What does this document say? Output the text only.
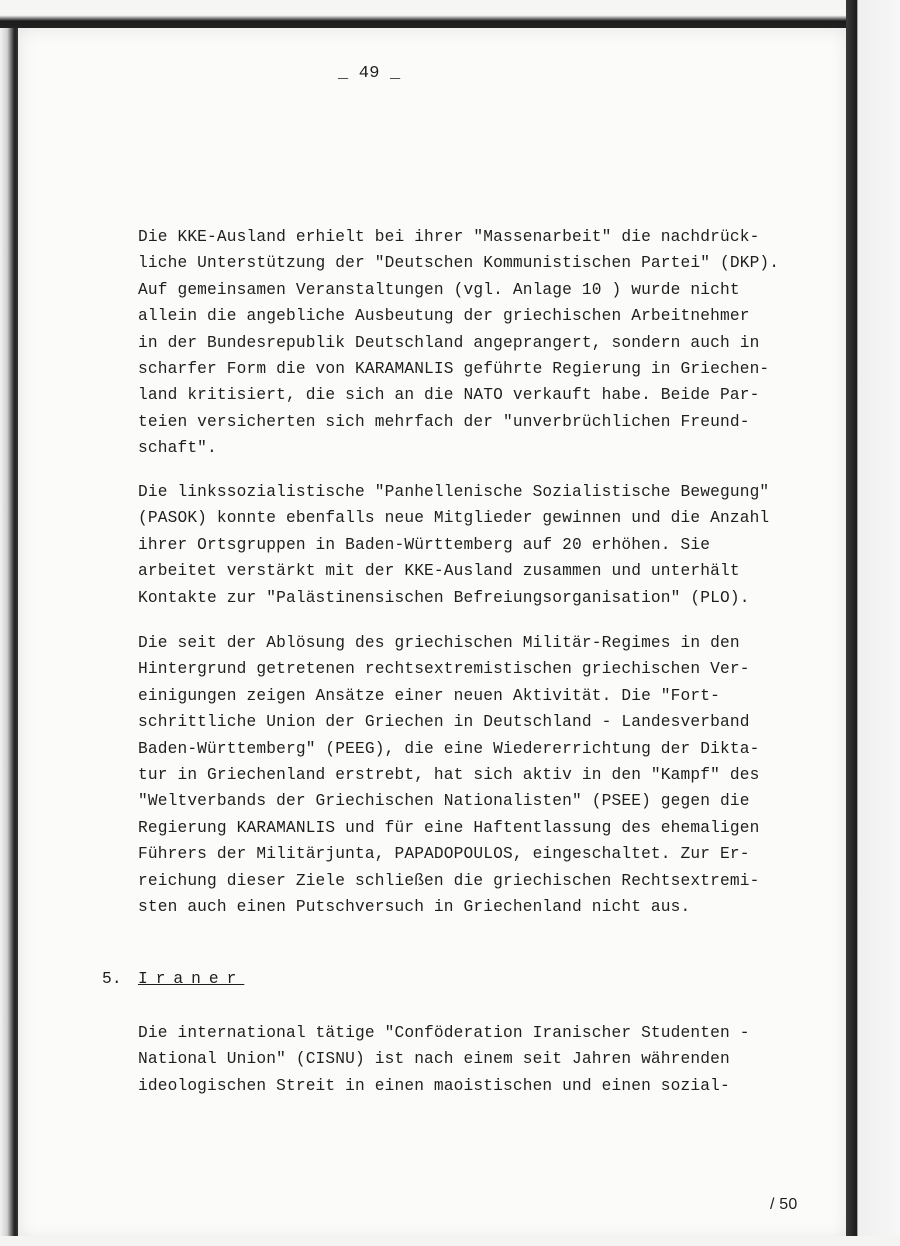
_ 49 _
Die KKE-Ausland erhielt bei ihrer "Massenarbeit" die nachdrück-
liche Unterstützung der "Deutschen Kommunistischen Partei" (DKP).
Auf gemeinsamen Veranstaltungen (vgl. Anlage 10 ) wurde nicht
allein die angebliche Ausbeutung der griechischen Arbeitnehmer
in der Bundesrepublik Deutschland angeprangert, sondern auch in
scharfer Form die von KARAMANLIS geführte Regierung in Griechen-
land kritisiert, die sich an die NATO verkauft habe. Beide Par-
teien versicherten sich mehrfach der "unverbrüchlichen Freund-
schaft".
Die linkssozialistische "Panhellenische Sozialistische Bewegung"
(PASOK) konnte ebenfalls neue Mitglieder gewinnen und die Anzahl
ihrer Ortsgruppen in Baden-Württemberg auf 20 erhöhen. Sie
arbeitet verstärkt mit der KKE-Ausland zusammen und unterhält
Kontakte zur "Palästinensischen Befreiungsorganisation" (PLO).
Die seit der Ablösung des griechischen Militär-Regimes in den
Hintergrund getretenen rechtsextremistischen griechischen Ver-
einigungen zeigen Ansätze einer neuen Aktivität. Die "Fort-
schrittliche Union der Griechen in Deutschland - Landesverband
Baden-Württemberg" (PEEG), die eine Wiedererrichtung der Dikta-
tur in Griechenland erstrebt, hat sich aktiv in den "Kampf" des
"Weltverbands der Griechischen Nationalisten" (PSEE) gegen die
Regierung KARAMANLIS und für eine Haftentlassung des ehemaligen
Führers der Militärjunta, PAPADOPOULOS, eingeschaltet. Zur Er-
reichung dieser Ziele schließen die griechischen Rechtsextremi-
sten auch einen Putschversuch in Griechenland nicht aus.
5. Iraner
Die international tätige "Conföderation Iranischer Studenten -
National Union" (CISNU) ist nach einem seit Jahren währenden
ideologischen Streit in einen maoistischen und einen sozial-
/ 50
